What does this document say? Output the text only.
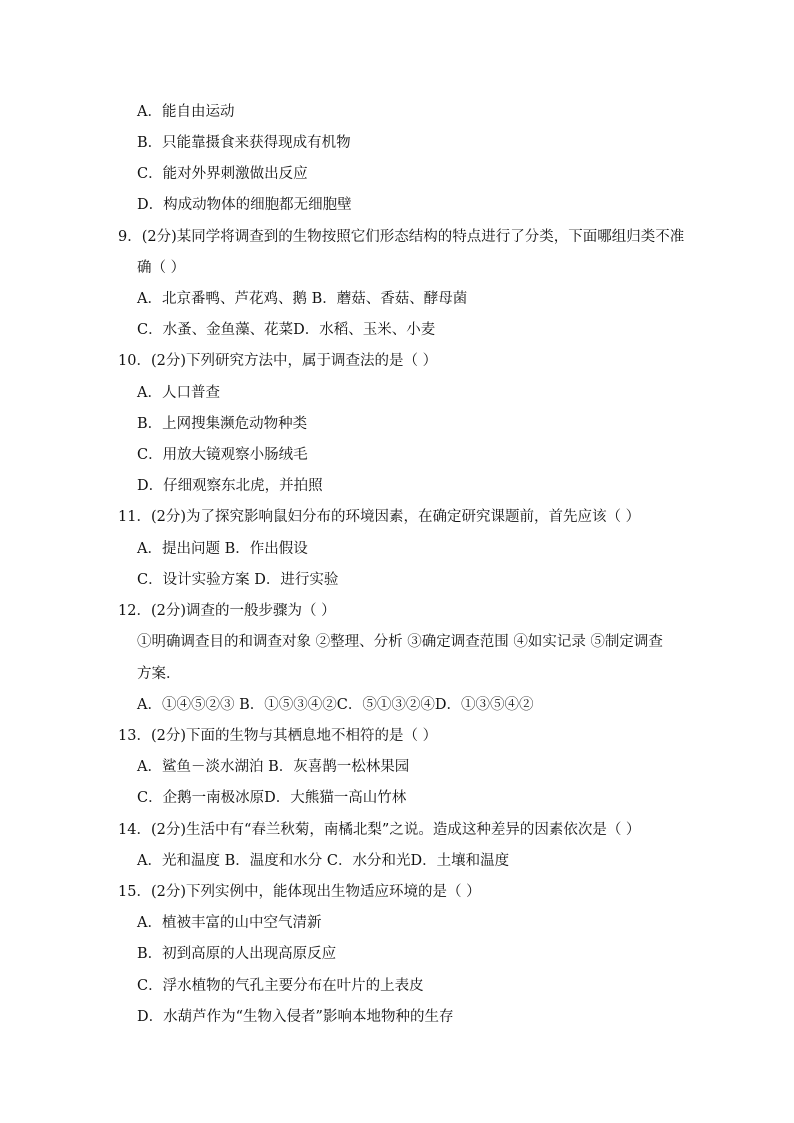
A．能自由运动
B．只能靠摄食来获得现成有机物
C．能对外界刺激做出反应
D．构成动物体的细胞都无细胞壁
9．(2分)某同学将调查到的生物按照它们形态结构的特点进行了分类，下面哪组归类不准
确（ ）
A．北京番鸭、芦花鸡、鹅 B．蘑菇、香菇、酵母菌
C．水蚤、金鱼藻、花菜D．水稻、玉米、小麦
10．(2分)下列研究方法中，属于调查法的是（ ）
A．人口普查
B．上网搜集濒危动物种类
C．用放大镜观察小肠绒毛
D．仔细观察东北虎，并拍照
11．(2分)为了探究影响鼠妇分布的环境因素，在确定研究课题前，首先应该（ ）
A．提出问题 B．作出假设
C．设计实验方案 D．进行实验
12．(2分)调查的一般步骤为（ ）
①明确调查目的和调查对象 ②整理、分析 ③确定调查范围 ④如实记录 ⑤制定调查
方案．
A．①④⑤②③ B．①⑤③④②C．⑤①③②④D．①③⑤④②
13．(2分)下面的生物与其栖息地不相符的是（ ）
A．鲨鱼－淡水湖泊 B．灰喜鹊一松林果园
C．企鹅一南极冰原D．大熊猫一高山竹林
14．(2分)生活中有“春兰秋菊，南橘北梨”之说。造成这种差异的因素依次是（ ）
A．光和温度 B．温度和水分 C．水分和光D．土壤和温度
15．(2分)下列实例中，能体现出生物适应环境的是（ ）
A．植被丰富的山中空气清新
B．初到高原的人出现高原反应
C．浮水植物的气孔主要分布在叶片的上表皮
D．水葫芦作为“生物入侵者”影响本地物种的生存
